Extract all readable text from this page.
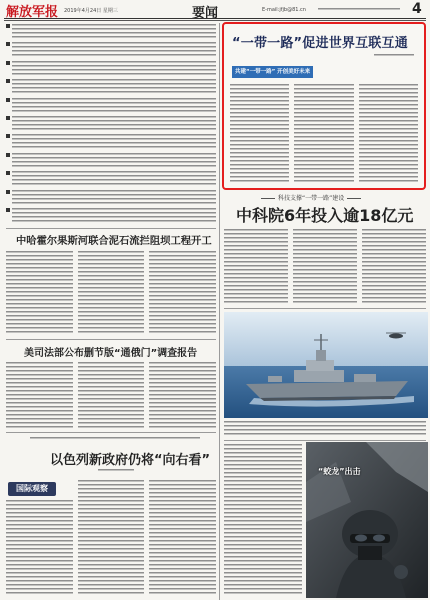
解放军报 2019年4月24日 星期三	要闻	E-mail:jfjb@81.cn	4
“一带一路”促进世界互联互通
共建“一带一路” 开创美好未来
科技支撑“一带一路”建设
中科院6年投入逾18亿元
中哈霍尔果斯河联合泥石流拦阻坝工程开工
美司法部公布删节版“通俄门”调查报告
以色列新政府仍将“向右看”
国际观察
“蛟龙”出击
